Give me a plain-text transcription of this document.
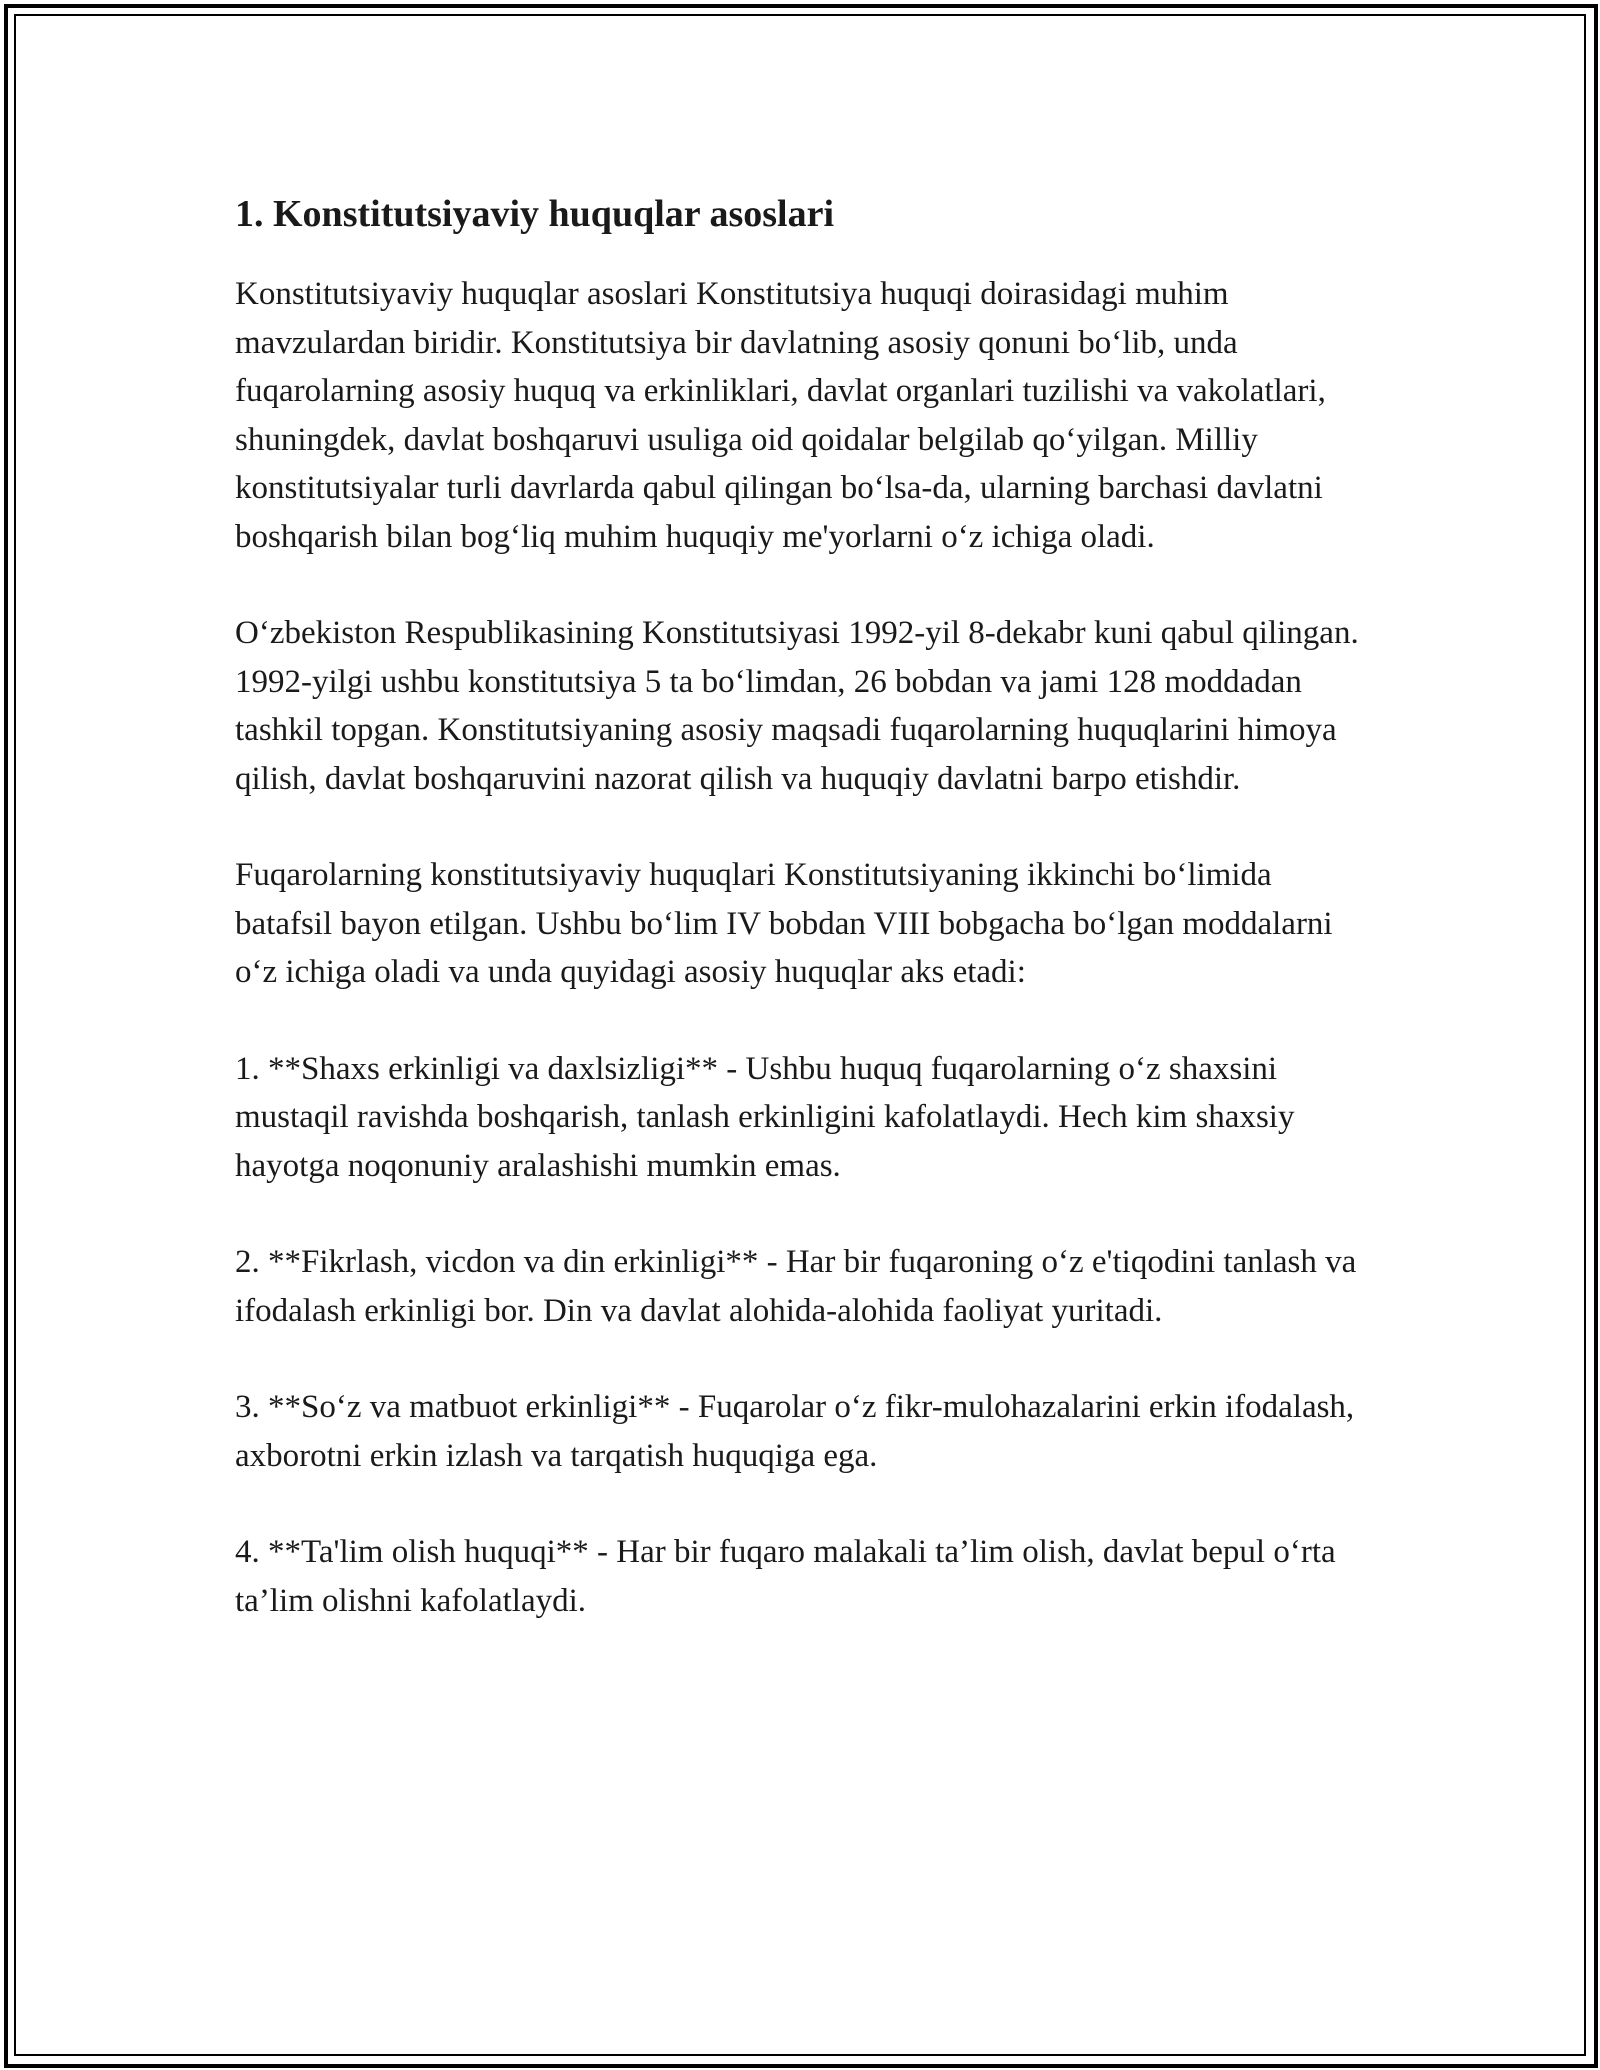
1. Konstitutsiyaviy huquqlar asoslari

Konstitutsiyaviy huquqlar asoslari Konstitutsiya huquqi doirasidagi muhim mavzulardan biridir. Konstitutsiya bir davlatning asosiy qonuni bo‘lib, unda fuqarolarning asosiy huquq va erkinliklari, davlat organlari tuzilishi va vakolatlari, shuningdek, davlat boshqaruvi usuliga oid qoidalar belgilab qo‘yilgan. Milliy konstitutsiyalar turli davrlarda qabul qilingan bo‘lsa-da, ularning barchasi davlatni boshqarish bilan bog‘liq muhim huquqiy me'yorlarni o‘z ichiga oladi.

O‘zbekiston Respublikasining Konstitutsiyasi 1992-yil 8-dekabr kuni qabul qilingan. 1992-yilgi ushbu konstitutsiya 5 ta bo‘limdan, 26 bobdan va jami 128 moddadan tashkil topgan. Konstitutsiyaning asosiy maqsadi fuqarolarning huquqlarini himoya qilish, davlat boshqaruvini nazorat qilish va huquqiy davlatni barpo etishdir.

Fuqarolarning konstitutsiyaviy huquqlari Konstitutsiyaning ikkinchi bo‘limida batafsil bayon etilgan. Ushbu bo‘lim IV bobdan VIII bobgacha bo‘lgan moddalarni o‘z ichiga oladi va unda quyidagi asosiy huquqlar aks etadi:

1. **Shaxs erkinligi va daxlsizligi** - Ushbu huquq fuqarolarning o‘z shaxsini mustaqil ravishda boshqarish, tanlash erkinligini kafolatlaydi. Hech kim shaxsiy hayotga noqonuniy aralashishi mumkin emas.

2. **Fikrlash, vicdon va din erkinligi** - Har bir fuqaroning o‘z e'tiqodini tanlash va ifodalash erkinligi bor. Din va davlat alohida-alohida faoliyat yuritadi.

3. **So‘z va matbuot erkinligi** - Fuqarolar o‘z fikr-mulohazalarini erkin ifodalash, axborotni erkin izlash va tarqatish huquqiga ega.

4. **Ta'lim olish huquqi** - Har bir fuqaro malakali ta’lim olish, davlat bepul o‘rta ta’lim olishni kafolatlaydi.
